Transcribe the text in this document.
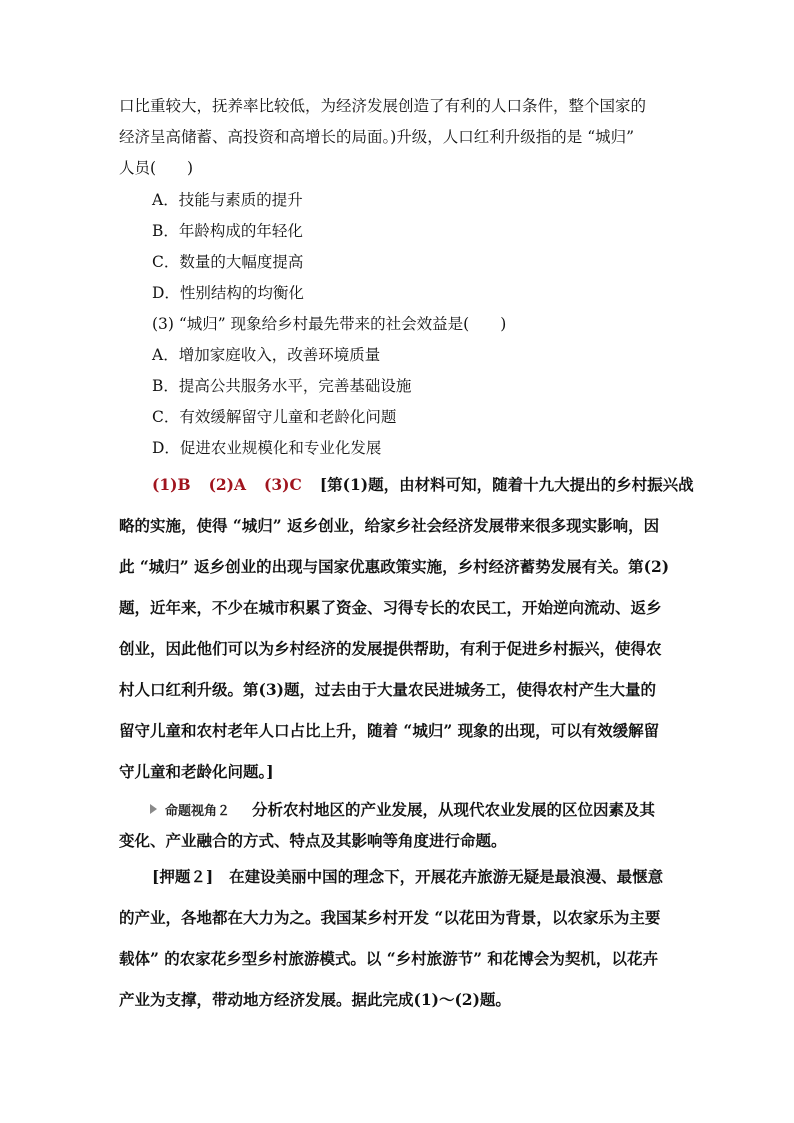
口比重较大，抚养率比较低，为经济发展创造了有利的人口条件，整个国家的
经济呈高储蓄、高投资和高增长的局面。)升级，人口红利升级指的是 “城归”
人员(　　)
A．技能与素质的提升
B．年龄构成的年轻化
C．数量的大幅度提高
D．性别结构的均衡化
(3) “城归” 现象给乡村最先带来的社会效益是(　　)
A．增加家庭收入，改善环境质量
B．提高公共服务水平，完善基础设施
C．有效缓解留守儿童和老龄化问题
D．促进农业规模化和专业化发展
(1)B (2)A (3)C [第(1)题，由材料可知，随着十九大提出的乡村振兴战
略的实施，使得 “城归” 返乡创业，给家乡社会经济发展带来很多现实影响，因
此 “城归” 返乡创业的出现与国家优惠政策实施，乡村经济蓄势发展有关。第(2)
题，近年来，不少在城市积累了资金、习得专长的农民工，开始逆向流动、返乡
创业，因此他们可以为乡村经济的发展提供帮助，有利于促进乡村振兴，使得农
村人口红利升级。第(3)题，过去由于大量农民进城务工，使得农村产生大量的
留守儿童和农村老年人口占比上升，随着 “城归” 现象的出现，可以有效缓解留
守儿童和老龄化问题。]
命题视角２ 分析农村地区的产业发展，从现代农业发展的区位因素及其
变化、产业融合的方式、特点及其影响等角度进行命题。
[押题２] 在建设美丽中国的理念下，开展花卉旅游无疑是最浪漫、最惬意
的产业，各地都在大力为之。我国某乡村开发 “以花田为背景，以农家乐为主要
载体” 的农家花乡型乡村旅游模式。以 “乡村旅游节” 和花博会为契机，以花卉
产业为支撑，带动地方经济发展。据此完成(1)～(2)题。
